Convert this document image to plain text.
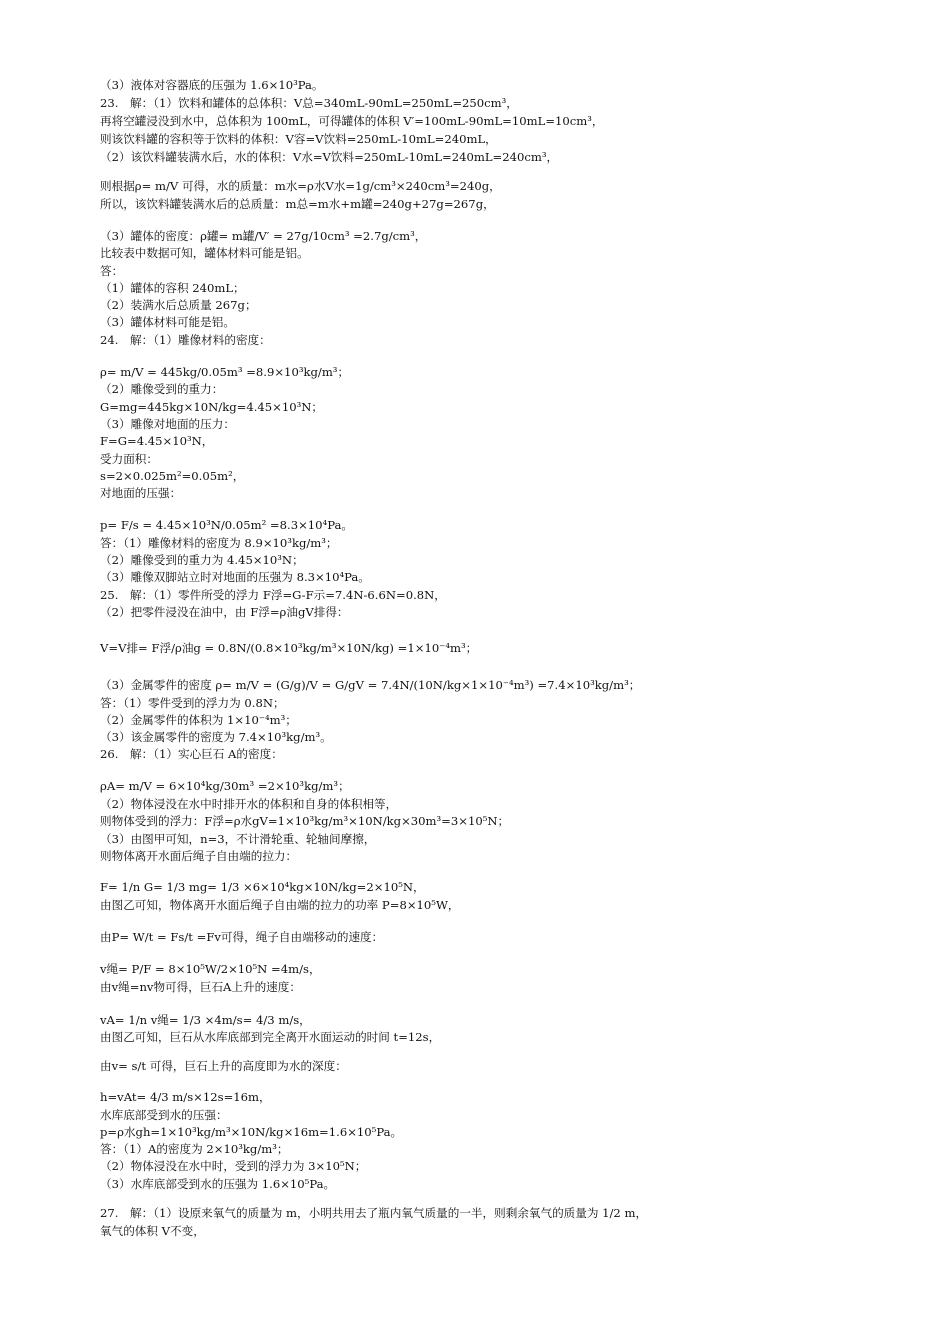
（3）液体对容器底的压强为 1.6×10³Pa。
23.　解：（1）饮料和罐体的总体积：V总=340mL-90mL=250mL=250cm³，
再将空罐浸没到水中，总体积为 100mL，可得罐体的体积 V′=100mL-90mL=10mL=10cm³，
则该饮料罐的容积等于饮料的体积：V容=V饮料=250mL-10mL=240mL，
（2）该饮料罐装满水后，水的体积：V水=V饮料=250mL-10mL=240mL=240cm³，
则根据ρ= m/V 可得，水的质量：m水=ρ水V水=1g/cm³×240cm³=240g，
所以，该饮料罐装满水后的总质量：m总=m水+m罐=240g+27g=267g，
（3）罐体的密度：ρ罐= m罐/V′ = 27g/10cm³ =2.7g/cm³，
比较表中数据可知，罐体材料可能是铝。
答：
（1）罐体的容积 240mL；
（2）装满水后总质量 267g；
（3）罐体材料可能是铝。
24.　解：（1）雕像材料的密度：
ρ= m/V = 445kg/0.05m³ =8.9×10³kg/m³；
（2）雕像受到的重力：
G=mg=445kg×10N/kg=4.45×10³N；
（3）雕像对地面的压力：
F=G=4.45×10³N，
受力面积：
s=2×0.025m²=0.05m²，
对地面的压强：
p= F/s = 4.45×10³N/0.05m² =8.3×10⁴Pa。
答：（1）雕像材料的密度为 8.9×10³kg/m³；
（2）雕像受到的重力为 4.45×10³N；
（3）雕像双脚站立时对地面的压强为 8.3×10⁴Pa。
25.　解：（1）零件所受的浮力 F浮=G-F示=7.4N-6.6N=0.8N，
（2）把零件浸没在油中，由 F浮=ρ油gV排得：
V=V排= F浮/ρ油g = 0.8N/(0.8×10³kg/m³×10N/kg) =1×10⁻⁴m³；
（3）金属零件的密度 ρ= m/V = (G/g)/V = G/gV = 7.4N/(10N/kg×1×10⁻⁴m³) =7.4×10³kg/m³；
答：（1）零件受到的浮力为 0.8N；
（2）金属零件的体积为 1×10⁻⁴m³；
（3）该金属零件的密度为 7.4×10³kg/m³。
26.　解：（1）实心巨石 A的密度：
ρA= m/V = 6×10⁴kg/30m³ =2×10³kg/m³；
（2）物体浸没在水中时排开水的体积和自身的体积相等，
则物体受到的浮力：F浮=ρ水gV=1×10³kg/m³×10N/kg×30m³=3×10⁵N；
（3）由图甲可知，n=3，不计滑轮重、轮轴间摩擦，
则物体离开水面后绳子自由端的拉力：
F= 1/n G= 1/3 mg= 1/3 ×6×10⁴kg×10N/kg=2×10⁵N，
由图乙可知，物体离开水面后绳子自由端的拉力的功率 P=8×10⁵W，
由P= W/t = Fs/t =Fv可得，绳子自由端移动的速度：
v绳= P/F = 8×10⁵W/2×10⁵N =4m/s，
由v绳=nv物可得，巨石A上升的速度：
vA= 1/n v绳= 1/3 ×4m/s= 4/3 m/s，
由图乙可知，巨石从水库底部到完全离开水面运动的时间 t=12s，
由v= s/t 可得，巨石上升的高度即为水的深度：
h=vAt= 4/3 m/s×12s=16m，
水库底部受到水的压强：
p=ρ水gh=1×10³kg/m³×10N/kg×16m=1.6×10⁵Pa。
答：（1）A的密度为 2×10³kg/m³；
（2）物体浸没在水中时，受到的浮力为 3×10⁵N；
（3）水库底部受到水的压强为 1.6×10⁵Pa。
27.　解：（1）设原来氧气的质量为 m，小明共用去了瓶内氧气质量的一半，则剩余氧气的质量为 1/2 m，
氧气的体积 V不变，
